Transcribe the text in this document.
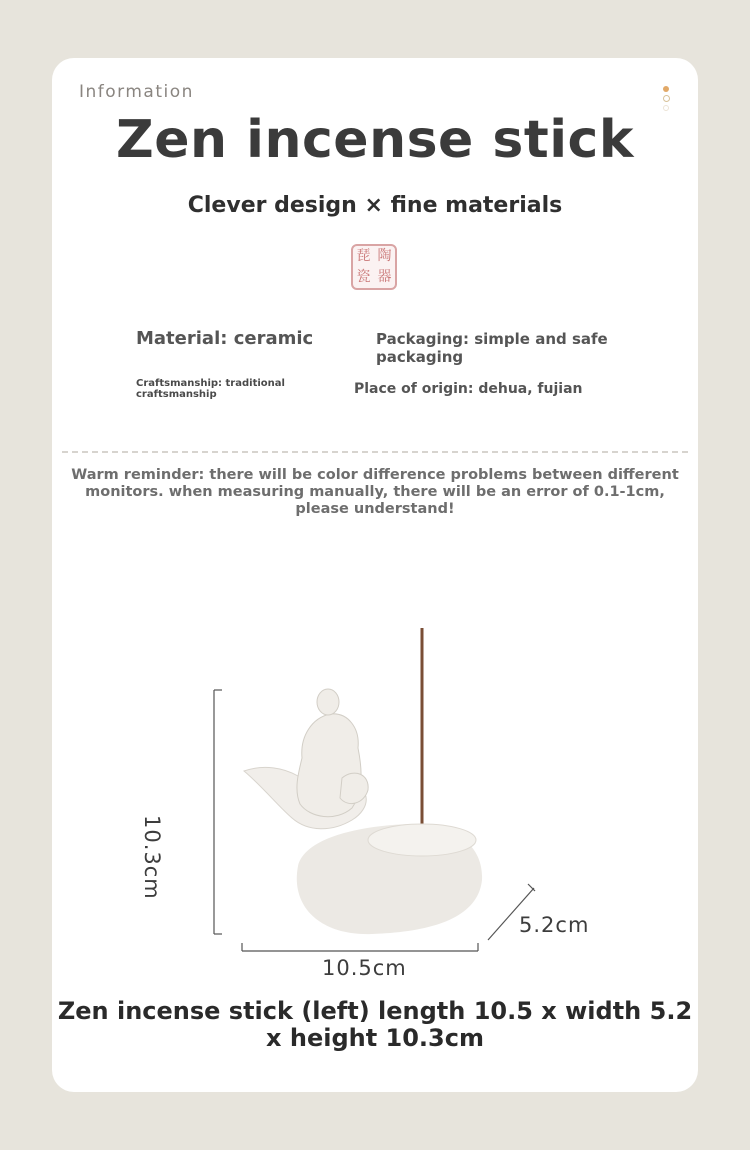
Information
Zen incense stick
Clever design × fine materials
琵 陶
瓷 器
Material: ceramic	Packaging: simple and safe packaging
Craftsmanship: traditional craftsmanship	Place of origin: dehua, fujian
Warm reminder: there will be color difference problems between different monitors. when measuring manually, there will be an error of 0.1-1cm, please understand!
10.3cm
10.5cm
5.2cm
Zen incense stick (left) length 10.5 x width 5.2 x height 10.3cm
